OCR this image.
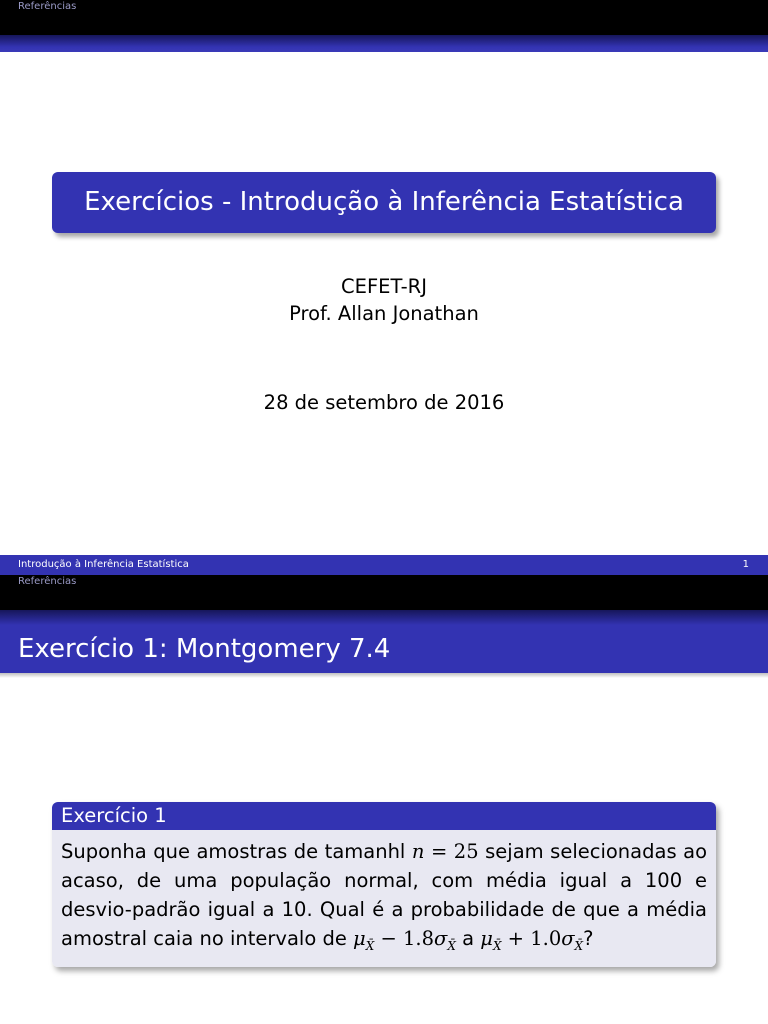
Referências
Exercícios - Introdução à Inferência Estatística
CEFET-RJ
Prof. Allan Jonathan
28 de setembro de 2016
Introdução à Inferência Estatística	1
Referências
Exercício 1: Montgomery 7.4
Exercício 1
Suponha que amostras de tamanhl n = 25 sejam selecionadas ao acaso, de uma população normal, com média igual a 100 e desvio-padrão igual a 10. Qual é a probabilidade de que a média amostral caia no intervalo de $\mu_{X̄} - 1.8\sigma_{X̄}$ a $\mu_{X̄} + 1.0\sigma_{X̄}$?
